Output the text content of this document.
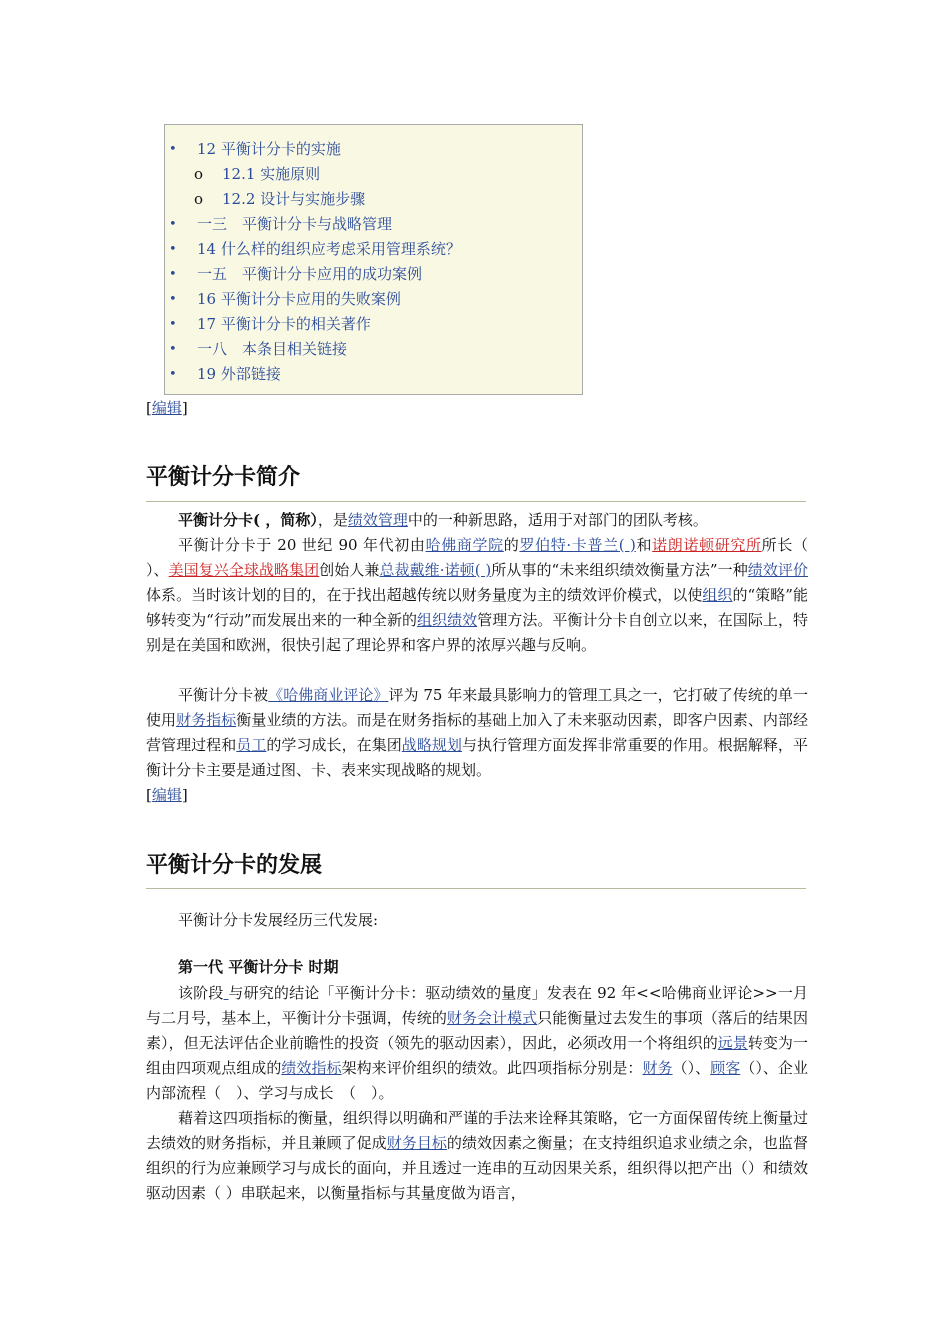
• 12 平衡计分卡的实施
o 12.1 实施原则
o 12.2 设计与实施步骤
• 一三　平衡计分卡与战略管理
• 14 什么样的组织应考虑采用管理系统？
• 一五　平衡计分卡应用的成功案例
• 16 平衡计分卡应用的失败案例
• 17 平衡计分卡的相关著作
• 一八　本条目相关链接
• 19 外部链接
[编辑]
平衡计分卡简介

平衡计分卡( ，简称），是绩效管理中的一种新思路，适用于对部门的团队考核。

平衡计分卡于 20 世纪 90 年代初由哈佛商学院的罗伯特·卡普兰( )和诺朗诺顿研究所所长（ ）、美国复兴全球战略集团创始人兼总裁戴维·诺顿( )所从事的“未来组织绩效衡量方法”一种绩效评价体系。当时该计划的目的，在于找出超越传统以财务量度为主的绩效评价模式，以使组织的“策略”能够转变为“行动”而发展出来的一种全新的组织绩效管理方法。平衡计分卡自创立以来，在国际上，特别是在美国和欧洲，很快引起了理论界和客户界的浓厚兴趣与反响。

平衡计分卡被《哈佛商业评论》评为 75 年来最具影响力的管理工具之一，它打破了传统的单一使用财务指标衡量业绩的方法。而是在财务指标的基础上加入了未来驱动因素，即客户因素、内部经营管理过程和员工的学习成长，在集团战略规划与执行管理方面发挥非常重要的作用。根据解释，平衡计分卡主要是通过图、卡、表来实现战略的规划。

[编辑]
平衡计分卡的发展

平衡计分卡发展经历三代发展:

第一代 平衡计分卡 时期

该阶段 与研究的结论「平衡计分卡：驱动绩效的量度」发表在 92 年<<哈佛商业评论>>一月与二月号，基本上，平衡计分卡强调，传统的财务会计模式只能衡量过去发生的事项（落后的结果因素），但无法评估企业前瞻性的投资（领先的驱动因素），因此，必须改用一个将组织的远景转变为一组由四项观点组成的绩效指标架构来评价组织的绩效。此四项指标分别是：财务（）、顾客（）、企业内部流程（　）、学习与成长　（　）。

藉着这四项指标的衡量，组织得以明确和严谨的手法来诠释其策略，它一方面保留传统上衡量过去绩效的财务指标，并且兼顾了促成财务目标的绩效因素之衡量；在支持组织追求业绩之余，也监督组织的行为应兼顾学习与成长的面向，并且透过一连串的互动因果关系，组织得以把产出（）和绩效驱动因素（ ）串联起来，以衡量指标与其量度做为语言，
